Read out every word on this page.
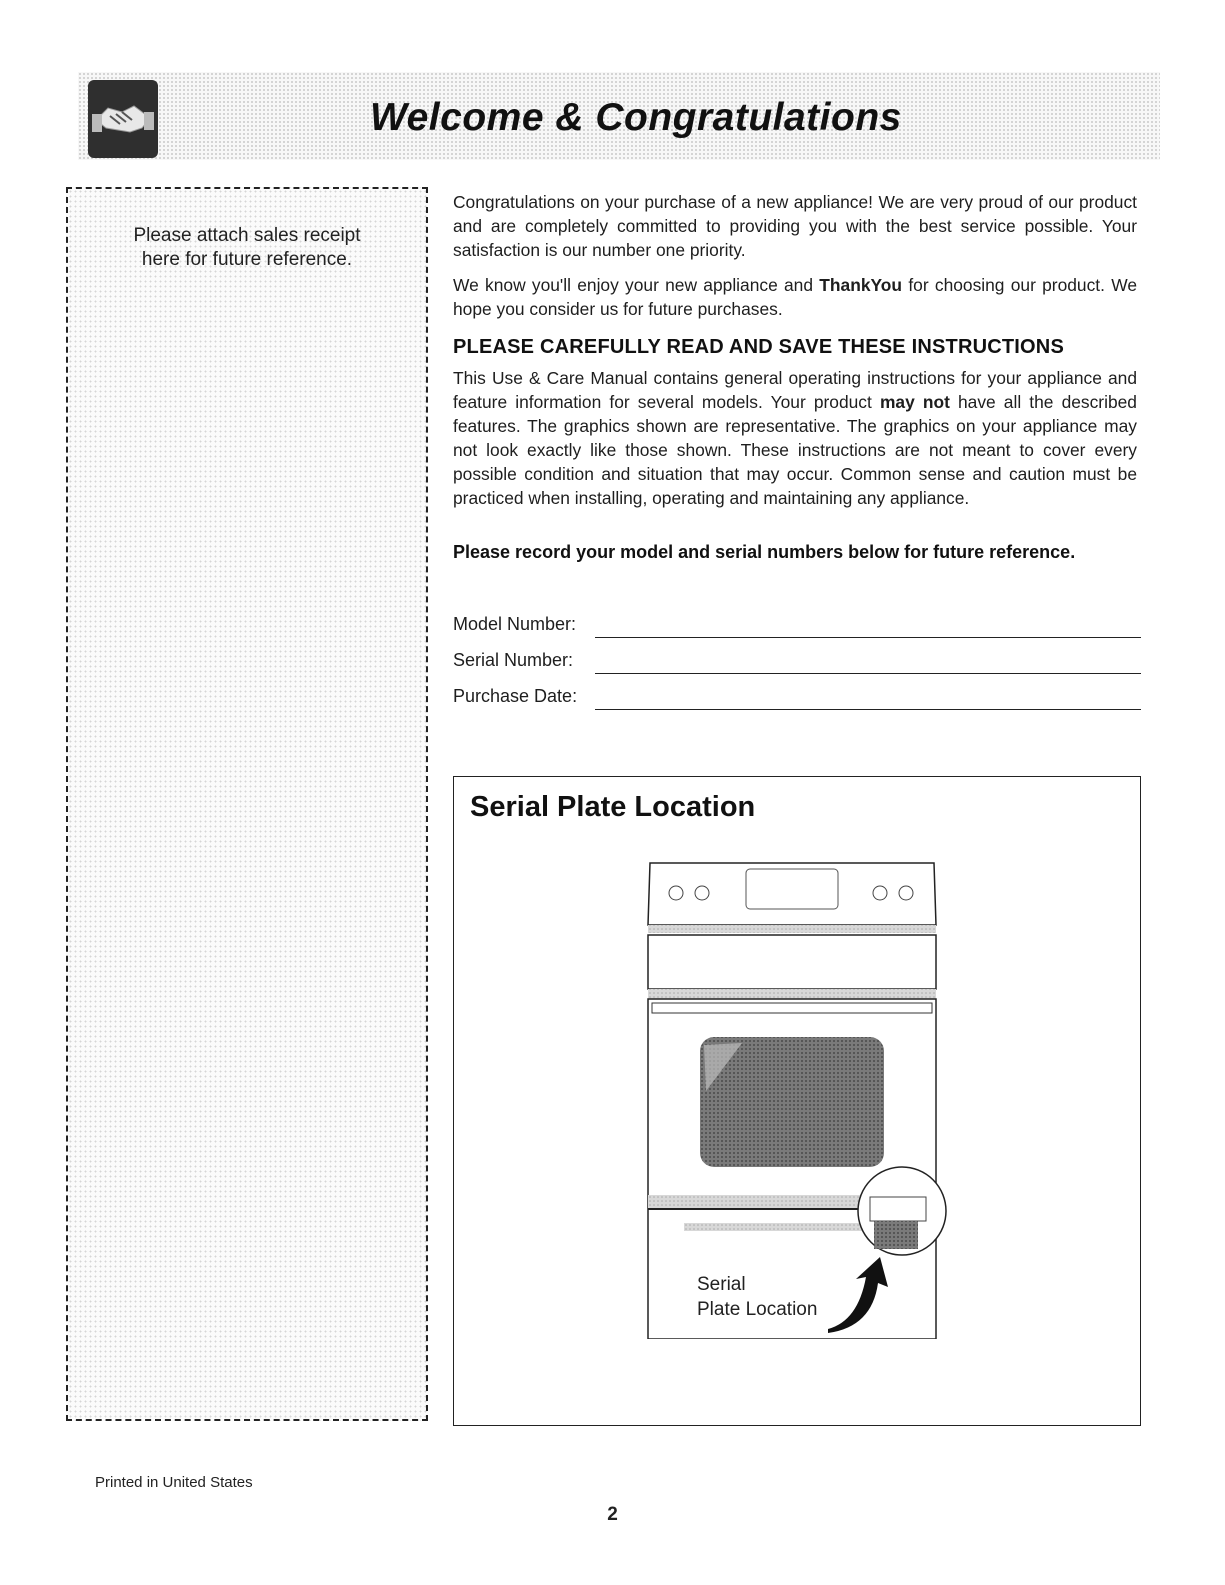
Welcome & Congratulations
Please attach sales receipt
here for future reference.
Congratulations on your purchase of a new appliance! We are very proud of our product and are completely committed to providing you with the best service possible. Your satisfaction is our number one priority.
We know you'll enjoy your new appliance and ThankYou for choosing our product. We hope you consider us for future purchases.
PLEASE CAREFULLY READ AND SAVE THESE INSTRUCTIONS
This Use & Care Manual contains general operating instructions for your appliance and feature information for several models. Your product may not have all the described features. The graphics shown are representative. The graphics on your appliance may not look exactly like those shown. These instructions are not meant to cover every possible condition and situation that may occur. Common sense and caution must be practiced when installing, operating and maintaining any appliance.
Please record your model and serial numbers below for future reference.
Model Number:
Serial Number:
Purchase Date:
Serial Plate Location
Serial
Plate Location
Printed in United States
2
